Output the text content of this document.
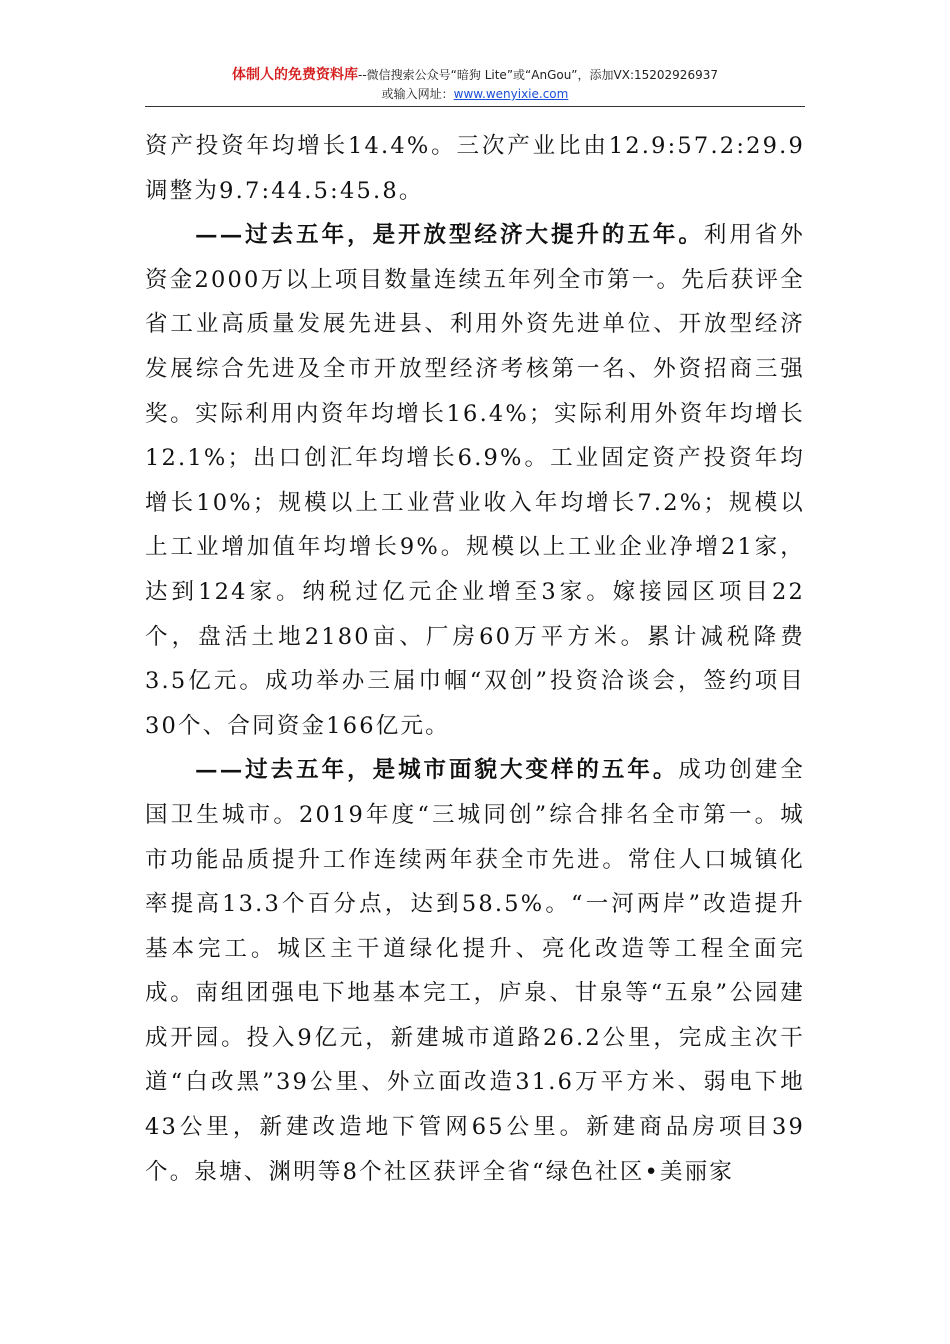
体制人的免费资料库--微信搜索公众号“暗狗 Lite”或“AnGou”，添加VX:15202926937
或输入网址：www.wenyixie.com

资产投资年均增长14.4%。三次产业比由12.9:57.2:29.9调整为9.7:44.5:45.8。

——过去五年，是开放型经济大提升的五年。利用省外资金2000万以上项目数量连续五年列全市第一。先后获评全省工业高质量发展先进县、利用外资先进单位、开放型经济发展综合先进及全市开放型经济考核第一名、外资招商三强奖。实际利用内资年均增长16.4%；实际利用外资年均增长12.1%；出口创汇年均增长6.9%。工业固定资产投资年均增长10%；规模以上工业营业收入年均增长7.2%；规模以上工业增加值年均增长9%。规模以上工业企业净增21家，达到124家。纳税过亿元企业增至3家。嫁接园区项目22个，盘活土地2180亩、厂房60万平方米。累计减税降费3.5亿元。成功举办三届巾帼“双创”投资洽谈会，签约项目30个、合同资金166亿元。

——过去五年，是城市面貌大变样的五年。成功创建全国卫生城市。2019年度“三城同创”综合排名全市第一。城市功能品质提升工作连续两年获全市先进。常住人口城镇化率提高13.3个百分点，达到58.5%。“一河两岸”改造提升基本完工。城区主干道绿化提升、亮化改造等工程全面完成。南组团强电下地基本完工，庐泉、甘泉等“五泉”公园建成开园。投入9亿元，新建城市道路26.2公里，完成主次干道“白改黑”39公里、外立面改造31.6万平方米、弱电下地43公里，新建改造地下管网65公里。新建商品房项目39个。泉塘、渊明等8个社区获评全省“绿色社区•美丽家
